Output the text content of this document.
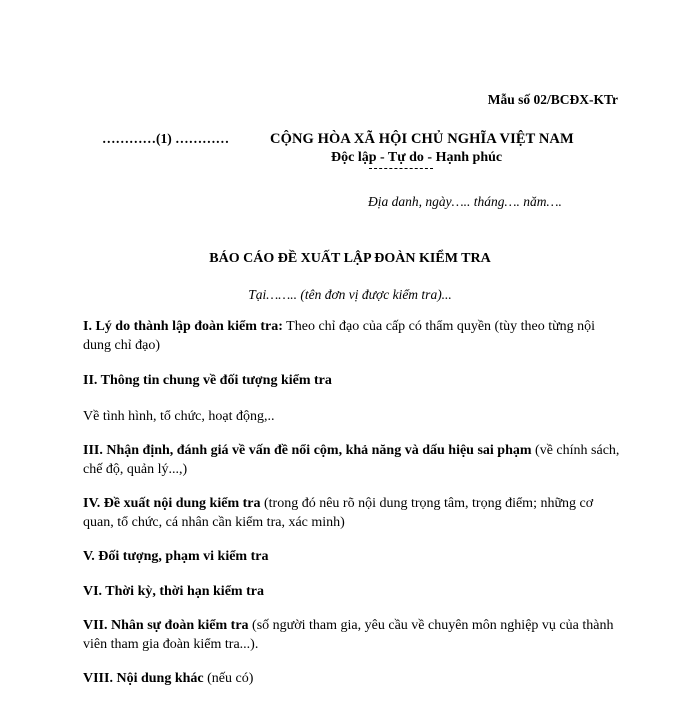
Mẫu số 02/BCĐX-KTr
…………(1) …………	CỘNG HÒA XÃ HỘI CHỦ NGHĨA VIỆT NAM
Độc lập - Tự do - Hạnh phúc
Địa danh, ngày….. tháng…. năm….
BÁO CÁO ĐỀ XUẤT LẬP ĐOÀN KIỂM TRA
Tại…….. (tên đơn vị được kiểm tra)...
I. Lý do thành lập đoàn kiểm tra: Theo chỉ đạo của cấp có thẩm quyền (tùy theo từng nội dung chỉ đạo)
II. Thông tin chung về đối tượng kiểm tra
Về tình hình, tổ chức, hoạt động,..
III. Nhận định, đánh giá về vấn đề nổi cộm, khả năng và dấu hiệu sai phạm (về chính sách, chế độ, quản lý...,)
IV. Đề xuất nội dung kiểm tra (trong đó nêu rõ nội dung trọng tâm, trọng điểm; những cơ quan, tổ chức, cá nhân cần kiểm tra, xác minh)
V. Đối tượng, phạm vi kiểm tra
VI. Thời kỳ, thời hạn kiểm tra
VII. Nhân sự đoàn kiểm tra (số người tham gia, yêu cầu về chuyên môn nghiệp vụ của thành viên tham gia đoàn kiểm tra...).
VIII. Nội dung khác (nếu có)
